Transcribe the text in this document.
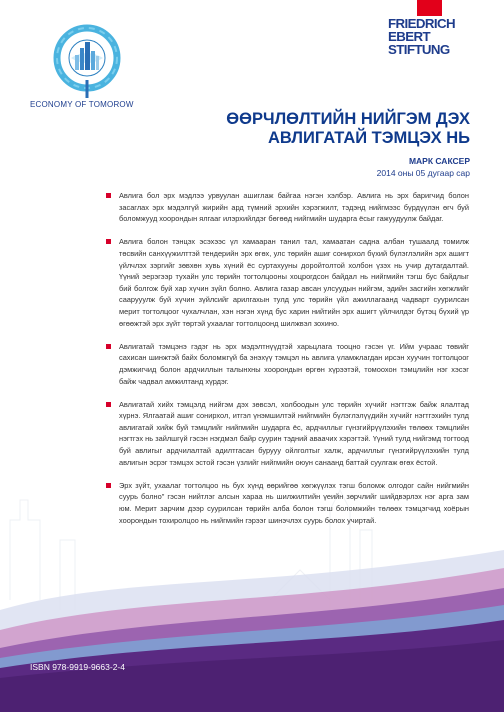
ECONOMY OF TOMOROW
FRIEDRICH
EBERT
STIFTUNG
ӨӨРЧЛӨЛТИЙН НИЙГЭМ ДЭХ
АВЛИГАТАЙ ТЭМЦЭХ НЬ
МАРК САКСЕР
2014 оны 05 дугаар сар
Авлига бол эрх мэдлээ урвуулан ашиглаж байгаа нэгэн хэлбэр. Авлига нь эрх баригчид болон засаглах эрх мэдэлгүй жирийн ард түмний эрхийн хэрэгжилт, тэдэнд нийгмээс бүрдүүлэн өгч буй боломжууд хоорондын ялгааг илэрхийлдэг бөгөөд нийгмийн шударга ёсыг гажуудуулж байдаг.
Авлига болон тэнцэх эсэхээс үл хамааран танил тал, хамаатан садна албан тушаалд томилж төсвийн санхүүжилттэй тендерийн эрх өгөх, улс төрийн ашиг сонирхол бүхий бүлэглэлийн эрх ашигт үйлчлэх зэргийг зөвхөн хувь хүний ёс суртахууны доройтолтой холбон үзэх нь учир дутагдалтай. Үүний эерэгээр тухайн улс төрийн тогтолцооны хоцрогдсон байдал нь нийгмийн тэгш бус байдлыг бий болгож буй хар хүчин зүйл болно. Авлига газар авсан улсуудын нийгэм, эдийн засгийн хөгжлийг саарууулж буй хүчин зүйлсийг арилгахын тулд улс төрийн үйл ажиллагаанд чадварт суурилсан мерит тогтолцоог чухалчлан, хэн нэгэн хүнд бус харин нийтийн эрх ашигт үйлчилдэг бүтэц бүхий үр өгөөжтэй эрх зүйт төртэй ухаалаг тогтолцоонд шилжвэл зохино.
Авлигатай тэмцэнэ гэдэг нь эрх мэдэлтнүүдтэй харьцлага тооцно гэсэн үг. Ийм учраас төвийг сахисан шинжтэй байх боломжгүй ба энэхүү тэмцэл нь авлига үламжлагдан ирсэн хуучин тогтолцоог дэмжигчид болон ардчиллын талынхны хоорондын өргөн хүрээтэй, томоохон тэмцлийн нэг хэсэг байж чадвал амжилтанд хүрдэг.
Авлигатай хийх тэмцэлд нийгэм дэх зөвсэл, холбоодын улс төрийн хүчийг нэгтгэж байж ялалтад хүрнэ. Ялгаатай ашиг сонирхол, итгэл үнэмшилтэй нийгмийн бүлэглэлүүдийн хүчийг нэгтгэхийн тулд авлигатай хийж буй тэмцлийг нийгмийн шударга ёс, ардчиллыг гүнзгийрүүлэхийн төлөөх тэмцлийн нэгтгэх нь зайлшгүй гэсэн нэгдмэл байр суурин тэдний аваачих хэрэгтэй. Үүний тулд нийгэмд тогтоод буй авлигыг ардчилалтай адилтгасан бурууу ойлголтыг халж, ардчиллыг гүнзгийрүүлэхийн тулд авлигын эсрэг тэмцэх эстой гэсэн үзлийг нийгмийн оюун санаанд баттай суулгаж өгөх ёстой.
Эрх зүйт, ухаалаг тогтолцоо нь бух хүнд өөрийгөө хөгжүүлэх тэгш боломж олгодог сайн нийгмийн суурь болно" гэсэн нийтлэг алсын хараа нь шилжилтийн үеийн зөрчлийг шийдвэрлэх нэг арга зам юм. Мерит зарчим дээр суурилсан төрийн алба болон тэгш боломжийн төлөөх тэмцэгчид хоёрын хоорондын тохиролцоо нь нийгмийн гэрээг шинэчлэх суурь болох учиртай.
ISBN 978-9919-9663-2-4
